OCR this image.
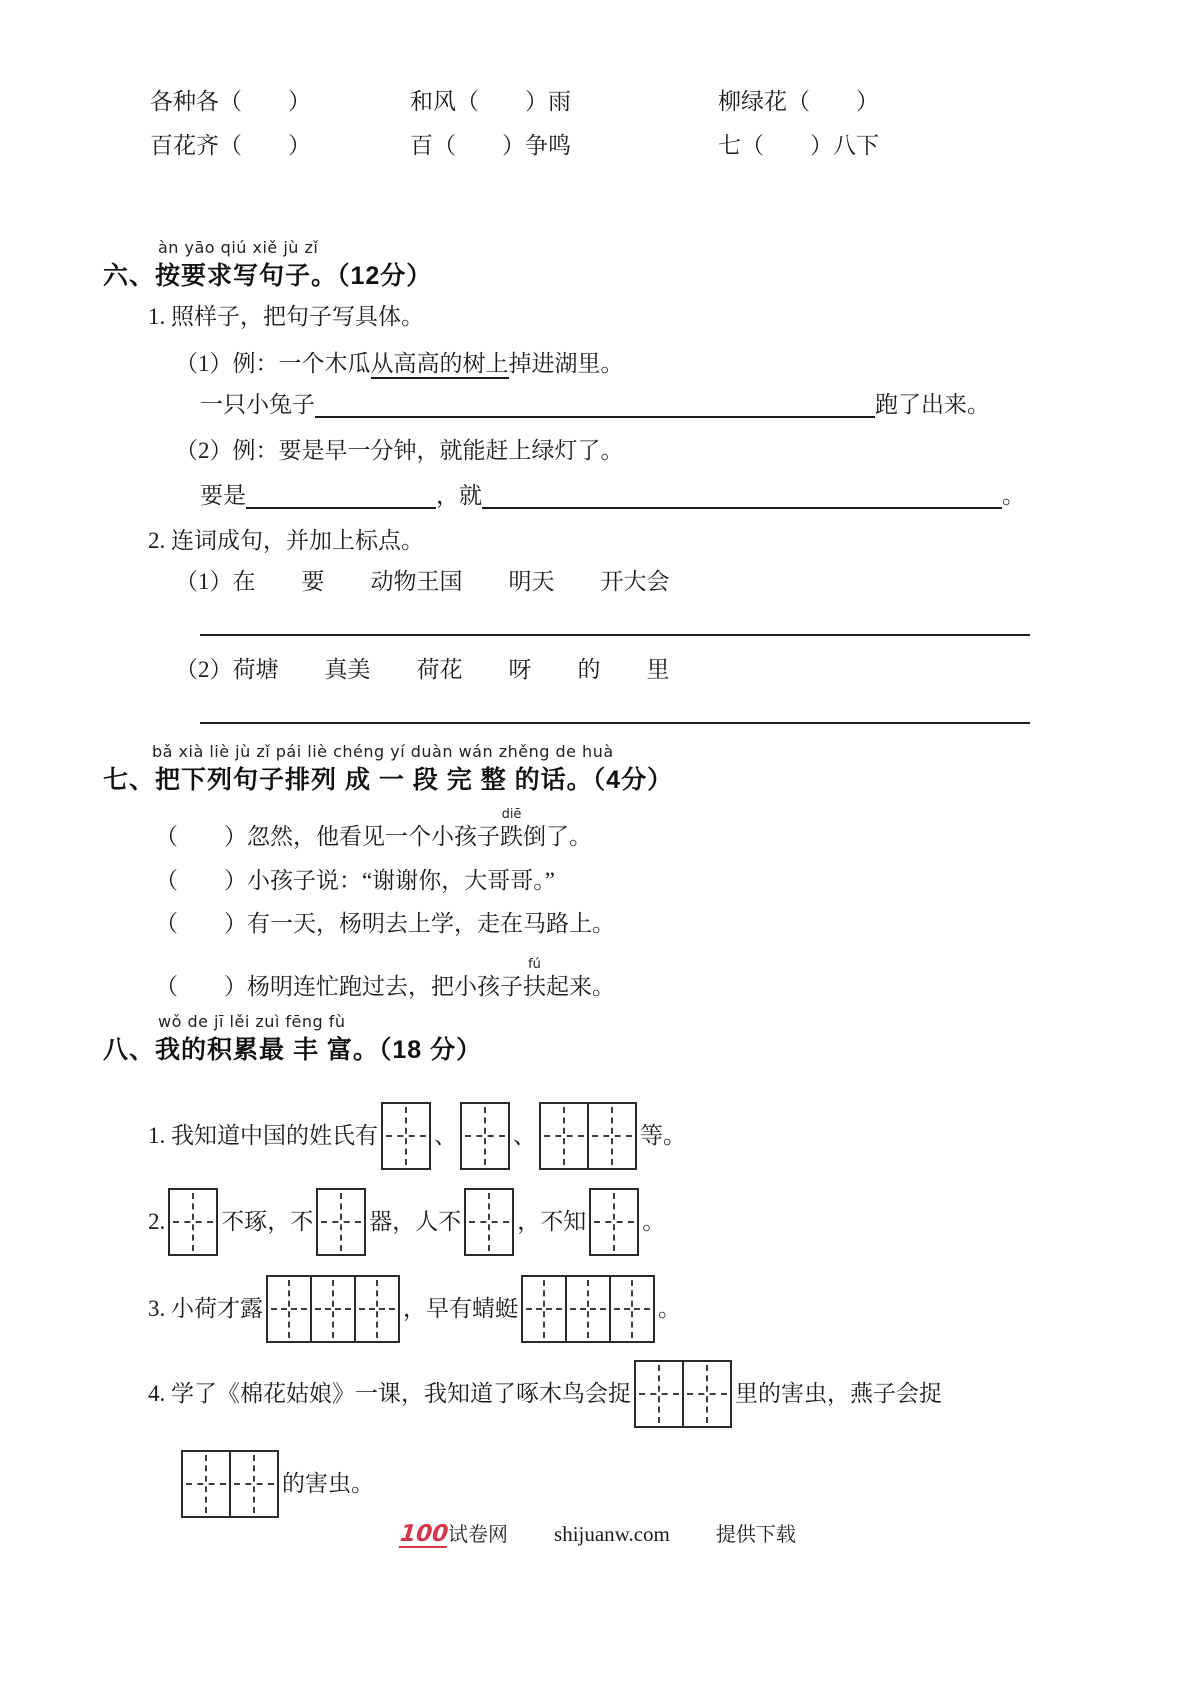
各种各（　　）	和风（　　）雨	柳绿花（　　）
百花齐（　　）	百（　　）争鸣	七（　　）八下
àn yāo qiú xiě jù zǐ
六、按要求写句子。（12分）
1. 照样子，把句子写具体。
（1）例：一个木瓜从高高的树上掉进湖里。
一只小兔子	跑了出来。
（2）例：要是早一分钟，就能赶上绿灯了。
要是	，就	。
2. 连词成句，并加上标点。
（1）在　　要　　动物王国　　明天　　开大会
（2）荷塘　　真美　　荷花　　呀　　的　　里
bǎ xià liè jù zǐ pái liè chéng yí duàn wán zhěng de huà
七、把下列句子排列 成 一 段 完 整 的话。（4分）
（　　）忽然，他看见一个小孩子
diē
跌倒了。
（　　）小孩子说：“谢谢你，大哥哥。”
（　　）有一天，杨明去上学，走在马路上。
（　　）杨明连忙跑过去，把小孩子
fú
扶起来。
wǒ de jī lěi zuì fēng fù
八、我的积累最 丰 富。（18 分）
1. 我知道中国的姓氏有 、 、	等。
2. 不琢，不 器，人不 ，不知 。
3. 小荷才露	，早有蜻蜓	。
4. 学了《棉花姑娘》一课，我知道了啄木鸟会捉	里的害虫，燕子会捉
的害虫。
100试卷网 shijuanw.com 提供下载
